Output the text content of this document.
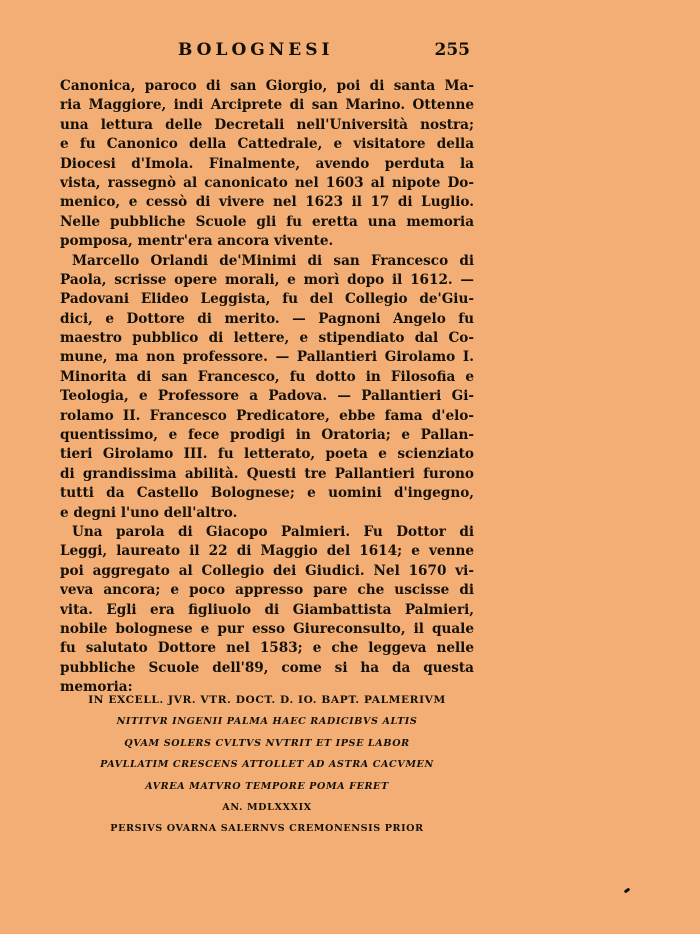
BOLOGNESI	255
Canonica, paroco di san Giorgio, poi di santa Ma-
ria Maggiore, indi Arciprete di san Marino. Ottenne
una lettura delle Decretali nell'Università nostra;
e fu Canonico della Cattedrale, e visitatore della
Diocesi d'Imola. Finalmente, avendo perduta la
vista, rassegnò al canonicato nel 1603 al nipote Do-
menico, e cessò di vivere nel 1623 il 17 di Luglio.
Nelle pubbliche Scuole gli fu eretta una memoria
pomposa, mentr'era ancora vivente.
Marcello Orlandi de'Minimi di san Francesco di
Paola, scrisse opere morali, e morì dopo il 1612. —
Padovani Elideo Leggista, fu del Collegio de'Giu-
dici, e Dottore di merito. — Pagnoni Angelo fu
maestro pubblico di lettere, e stipendiato dal Co-
mune, ma non professore. — Pallantieri Girolamo I.
Minorita di san Francesco, fu dotto in Filosofia e
Teologia, e Professore a Padova. — Pallantieri Gi-
rolamo II. Francesco Predicatore, ebbe fama d'elo-
quentissimo, e fece prodigi in Oratoria; e Pallan-
tieri Girolamo III. fu letterato, poeta e scienziato
di grandissima abilità. Questi tre Pallantieri furono
tutti da Castello Bolognese; e uomini d'ingegno,
e degni l'uno dell'altro.
Una parola di Giacopo Palmieri. Fu Dottor di
Leggi, laureato il 22 di Maggio del 1614; e venne
poi aggregato al Collegio dei Giudici. Nel 1670 vi-
veva ancora; e poco appresso pare che uscisse di
vita. Egli era figliuolo di Giambattista Palmieri,
nobile bolognese e pur esso Giureconsulto, il quale
fu salutato Dottore nel 1583; e che leggeva nelle
pubbliche Scuole dell'89, come si ha da questa
memoria:
IN EXCELL. JVR. VTR. DOCT. D. IO. BAPT. PALMERIVM
NITITVR INGENII PALMA HAEC RADICIBVS ALTIS
QVAM SOLERS CVLTVS NVTRIT ET IPSE LABOR
PAVLLATIM CRESCENS ATTOLLET AD ASTRA CACVMEN
AVREA MATVRO TEMPORE POMA FERET
AN. MDLXXXIX
PERSIVS OVARNA SALERNVS CREMONENSIS PRIOR
